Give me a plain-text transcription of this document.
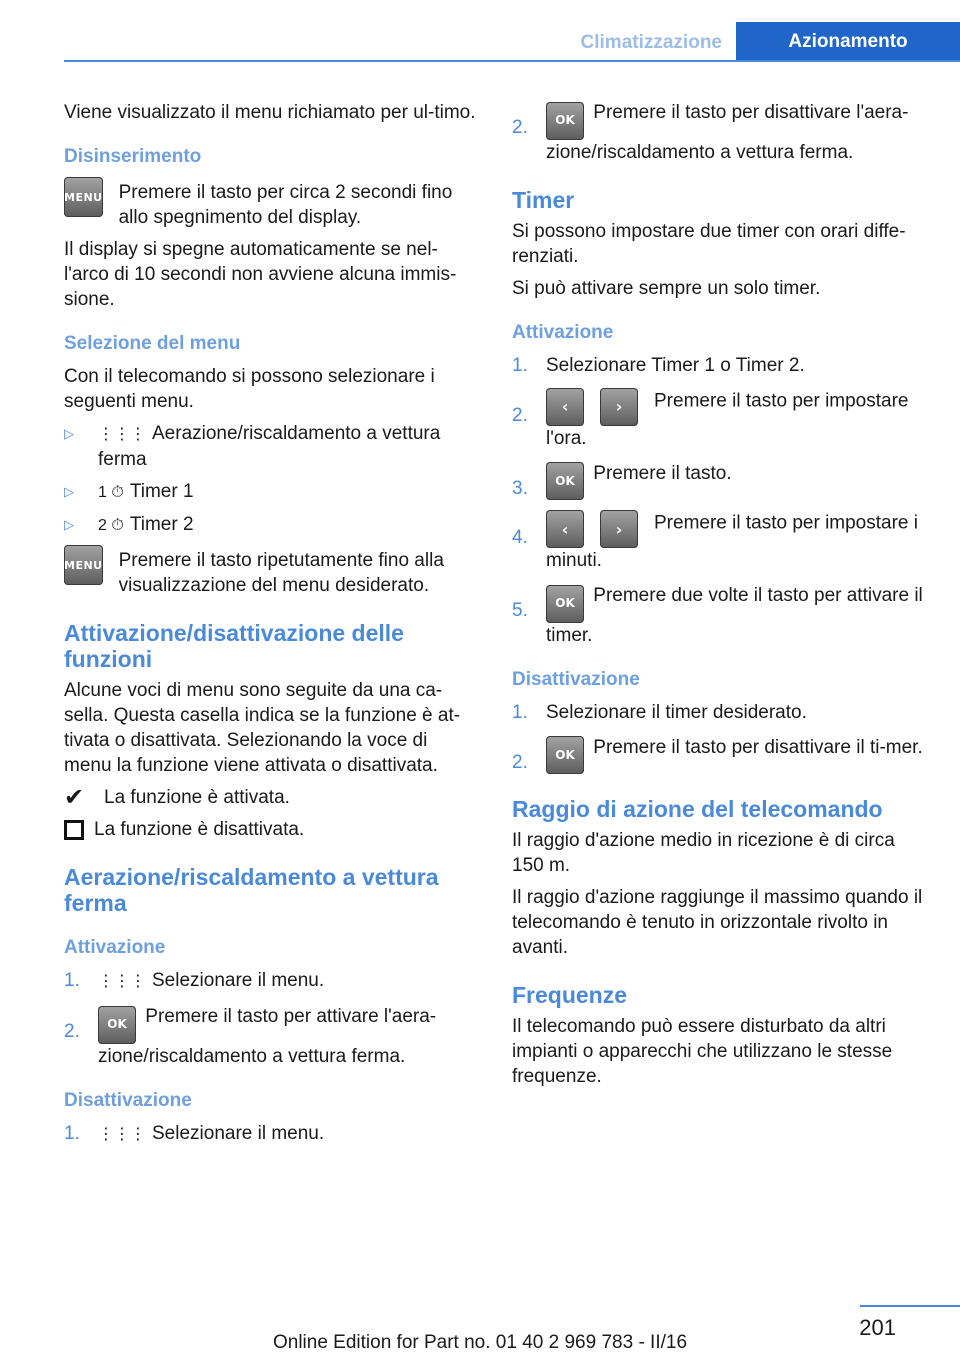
Climatizzazione	Azionamento

Viene visualizzato il menu richiamato per ul-timo.

Disinserimento
MENU Premere il tasto per circa 2 secondi fino allo spegnimento del display.

Il display si spegne automaticamente se nel-l'arco di 10 secondi non avviene alcuna immis-sione.

Selezione del menu

Con il telecomando si possono selezionare i seguenti menu.

▷ ⋮⋮⋮ Aerazione/riscaldamento a vettura ferma
▷ 1 ⏱ Timer 1
▷ 2 ⏱ Timer 2
MENU Premere il tasto ripetutamente fino alla visualizzazione del menu desiderato.
Attivazione/disattivazione delle funzioni

Alcune voci di menu sono seguite da una ca-sella. Questa casella indica se la funzione è at-tivata o disattivata. Selezionando la voce di menu la funzione viene attivata o disattivata.

✔	La funzione è attivata.
La funzione è disattivata.
Aerazione/riscaldamento a vettura ferma
Attivazione
1. ⋮⋮⋮ Selezionare il menu.
2. OK Premere il tasto per attivare l'aera-zione/riscaldamento a vettura ferma.
Disattivazione
1. ⋮⋮⋮ Selezionare il menu.
2. OK Premere il tasto per disattivare l'aera-zione/riscaldamento a vettura ferma.
Timer

Si possono impostare due timer con orari diffe-renziati.

Si può attivare sempre un solo timer.

Attivazione
1. Selezionare Timer 1 o Timer 2.
2. ‹	› Premere il tasto per impostare l'ora.
3. OK Premere il tasto.
4. ‹	› Premere il tasto per impostare i minuti.
5. OK Premere due volte il tasto per attivare il timer.
Disattivazione
1. Selezionare il timer desiderato.
2. OK Premere il tasto per disattivare il ti-mer.
Raggio di azione del telecomando

Il raggio d'azione medio in ricezione è di circa 150 m.

Il raggio d'azione raggiunge il massimo quando il telecomando è tenuto in orizzontale rivolto in avanti.

Frequenze

Il telecomando può essere disturbato da altri impianti o apparecchi che utilizzano le stesse frequenze.

201
Online Edition for Part no. 01 40 2 969 783 - II/16
